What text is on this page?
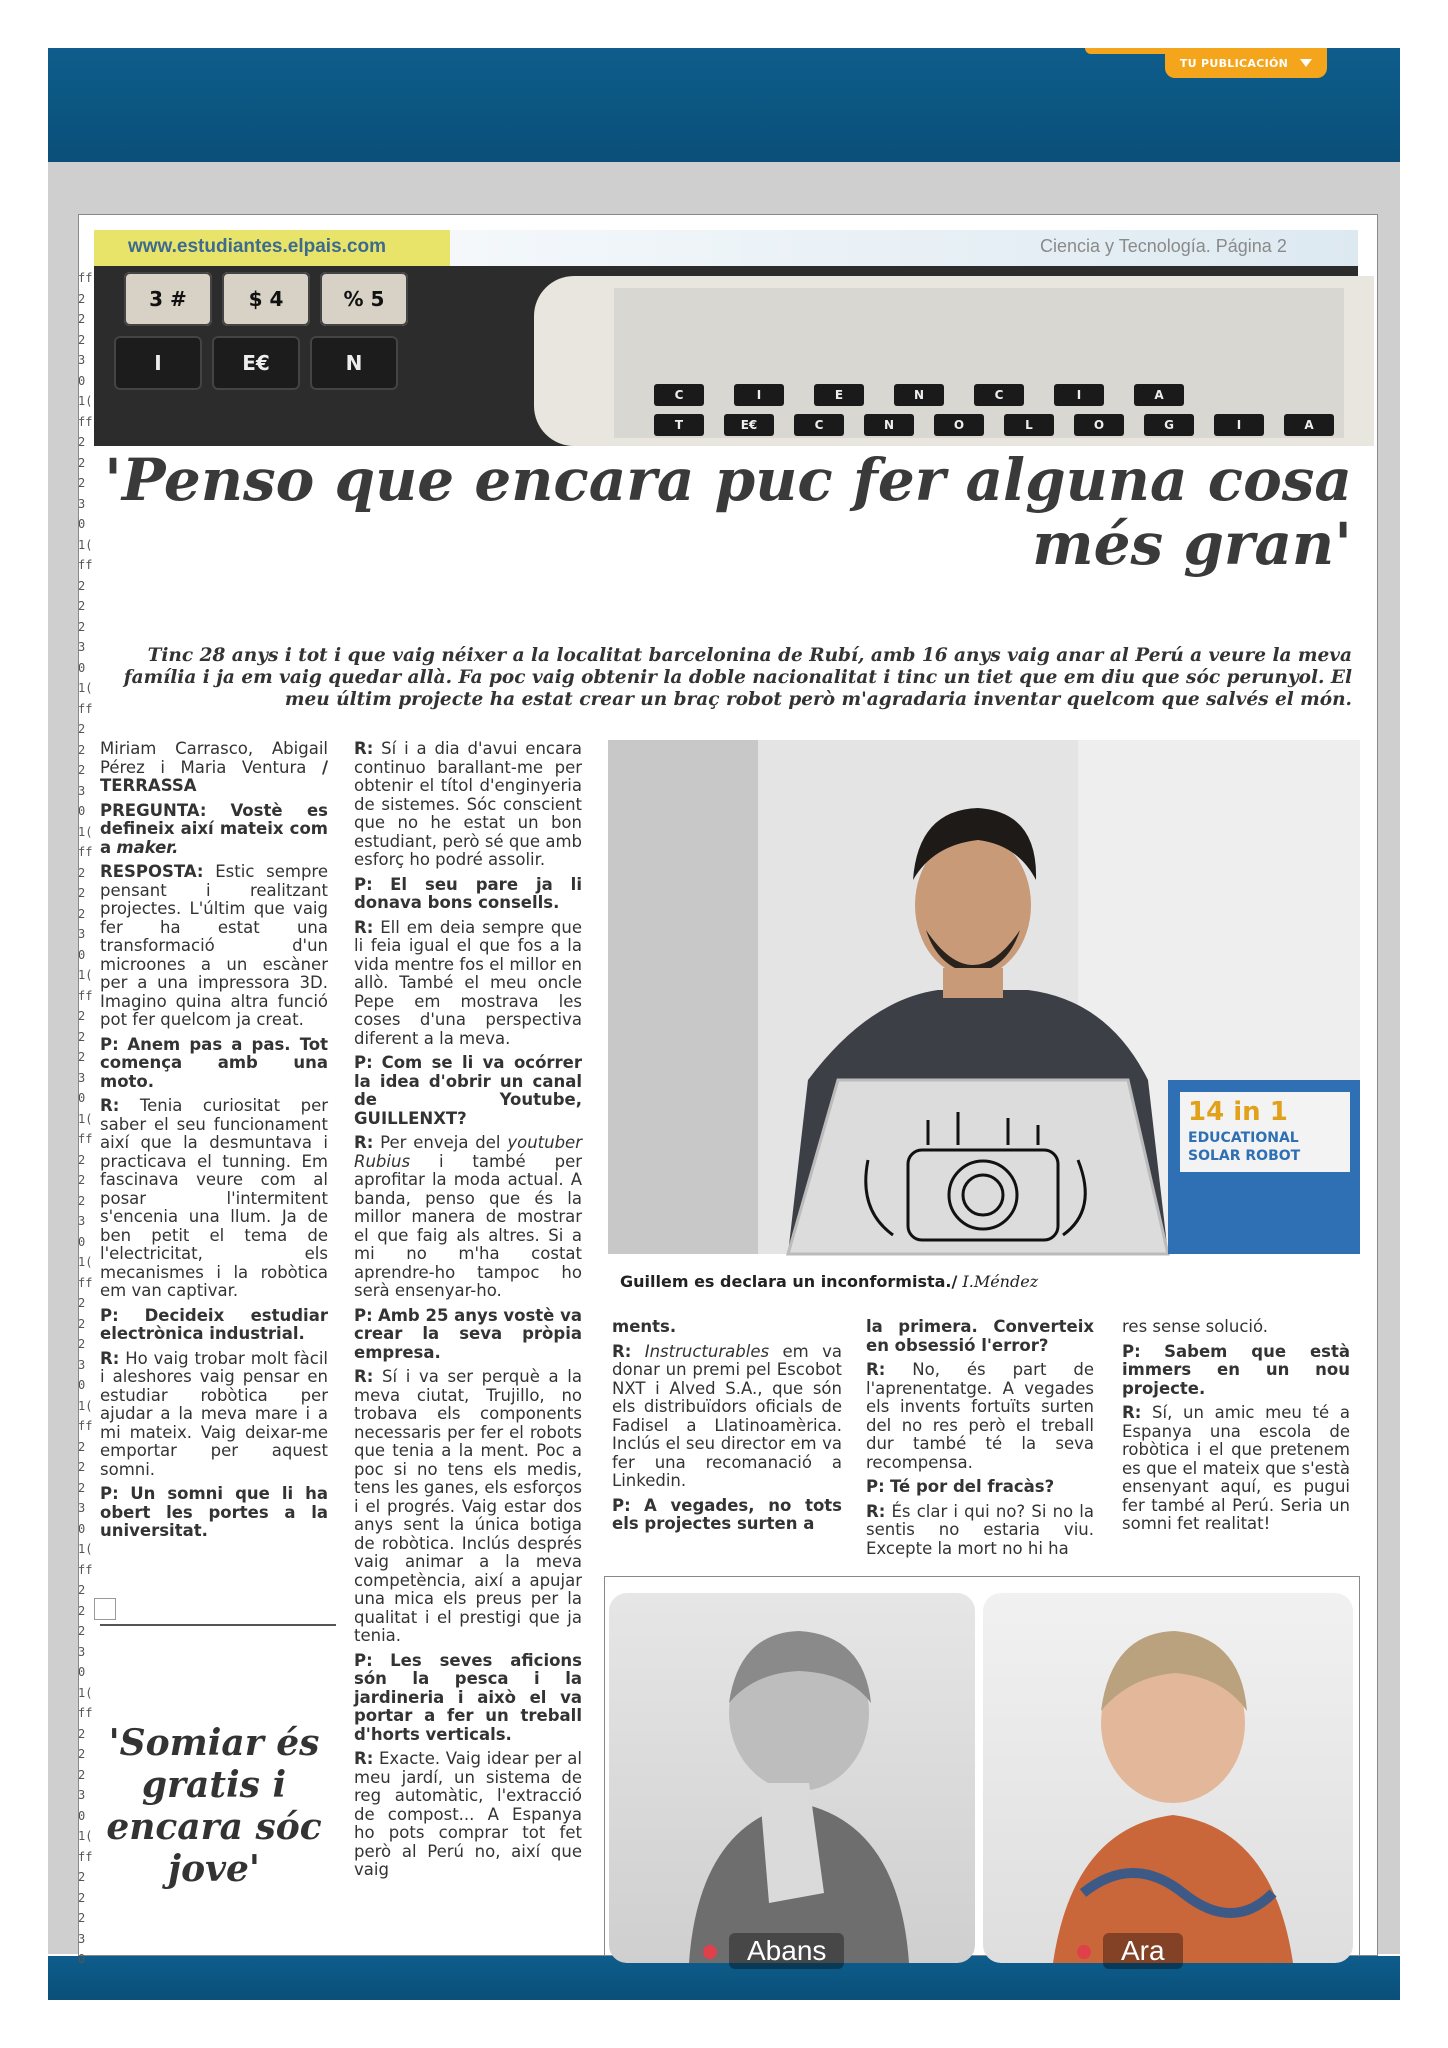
TU PUBLICACIÓN
ff
2
2
2
3
0
1(
ff
2
2
2
3
0
1(
ff
2
2
2
3
0
1(
ff
2
2
2
3
0
1(
ff
2
2
2
3
0
1(
ff
2
2
2
3
0
1(
ff
2
2
2
3
0
1(
ff
2
2
2
3
0
1(
ff
2
2
2
3
0
1(
ff
2
2
2
3
0
1(
ff
2
2
2
3
0
1(
ff
2
2
2
3
0
www.estudiantes.elpais.com	Ciencia y Tecnología. Página 2
3 #	$ 4	% 5
I	E€	N
C	I	E	N	C	I	A
T	E€	C	N	O	L	O	G	I	A
'Penso que encara puc fer alguna cosa més gran'
Tinc 28 anys i tot i que vaig néixer a la localitat barcelonina de Rubí, amb 16 anys vaig anar al Perú a veure la meva família i ja em vaig quedar allà. Fa poc vaig obtenir la doble nacionalitat i tinc un tiet que em diu que sóc perunyol. El meu últim projecte ha estat crear un braç robot però m'agradaria inventar quelcom que salvés el món.

Miriam Carrasco, Abigail Pérez i Maria Ventura / TERRASSA

PREGUNTA: Vostè es defineix així mateix com a maker.

RESPOSTA: Estic sempre pensant i realitzant projectes. L'últim que vaig fer ha estat una transformació d'un microones a un escàner per a una impressora 3D. Imagino quina altra funció pot fer quelcom ja creat.

P: Anem pas a pas. Tot comença amb una moto.

R: Tenia curiositat per saber el seu funcionament així que la desmuntava i practicava el tunning. Em fascinava veure com al posar l'intermitent s'encenia una llum. Ja de ben petit el tema de l'electricitat, els mecanismes i la robòtica em van captivar.

P: Decideix estudiar electrònica industrial.

R: Ho vaig trobar molt fàcil i aleshores vaig pensar en estudiar robòtica per ajudar a la meva mare i a mi mateix. Vaig deixar-me emportar per aquest somni.

P: Un somni que li ha obert les portes a la universitat.

'Somiar és gratis i encara sóc jove'

R: Sí i a dia d'avui encara continuo barallant-me per obtenir el títol d'enginyeria de sistemes. Sóc conscient que no he estat un bon estudiant, però sé que amb esforç ho podré assolir.

P: El seu pare ja li donava bons consells.

R: Ell em deia sempre que li feia igual el que fos a la vida mentre fos el millor en allò. També el meu oncle Pepe em mostrava les coses d'una perspectiva diferent a la meva.

P: Com se li va ocórrer la idea d'obrir un canal de Youtube, GUILLENXT?

R: Per enveja del youtuber Rubius i també per aprofitar la moda actual. A banda, penso que és la millor manera de mostrar el que faig als altres. Si a mi no m'ha costat aprendre-ho tampoc ho serà ensenyar-ho.

P: Amb 25 anys vostè va crear la seva pròpia empresa.

R: Sí i va ser perquè a la meva ciutat, Trujillo, no trobava els components necessaris per fer el robots que tenia a la ment. Poc a poc si no tens els medis, tens les ganes, els esforços i el progrés. Vaig estar dos anys sent la única botiga de robòtica. Inclús després vaig animar a la meva competència, així a apujar una mica els preus per la qualitat i el prestigi que ja tenia.

P: Les seves aficions són la pesca i la jardineria i això el va portar a fer un treball d'horts verticals.

R: Exacte. Vaig idear per al meu jardí, un sistema de reg automàtic, l'extracció de compost... A Espanya ho pots comprar tot fet però al Perú no, així que vaig

14 in 1
EDUCATIONAL
SOLAR ROBOT
Guillem es declara un inconformista./ I.Méndez

ments.

R: Instructurables em va donar un premi pel Escobot NXT i Alved S.A., que són els distribuïdors oficials de Fadisel a Llatinoamèrica. Inclús el seu director em va fer una recomanació a Linkedin.

P: A vegades, no tots els projectes surten a

la primera. Converteix en obsessió l'error?

R: No, és part de l'aprenentatge. A vegades els invents fortuïts surten del no res però el treball dur també té la seva recompensa.

P: Té por del fracàs?

R: És clar i qui no? Si no la sentis no estaria viu. Excepte la mort no hi ha

res sense solució.

P: Sabem que està immers en un nou projecte.

R: Sí, un amic meu té a Espanya una escola de robòtica i el que pretenem es que el mateix que s'està ensenyant aquí, es pugui fer també al Perú. Seria un somni fet realitat!

Abans	Ara
